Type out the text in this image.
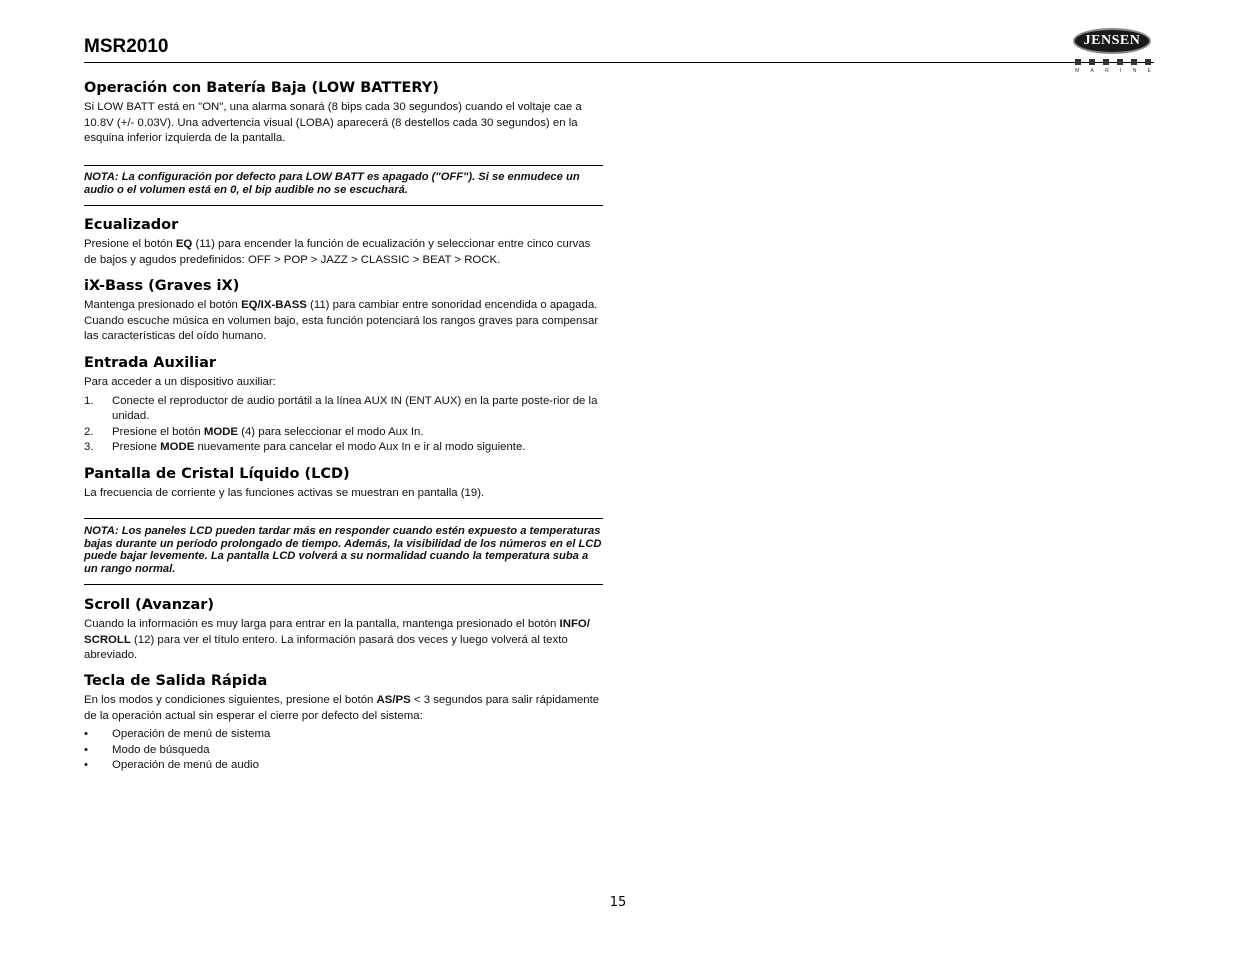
MSR2010	JENSEN
M A R I N E
Operación con Batería Baja (LOW BATTERY)

Si LOW BATT está en "ON", una alarma sonará (8 bips cada 30 segundos) cuando el voltaje cae a 10.8V (+/- 0.03V). Una advertencia visual (LOBA) aparecerá (8 destellos cada 30 segundos) en la esquina inferior izquierda de la pantalla.

NOTA: La configuración por defecto para LOW BATT es apagado ("OFF"). Si se enmudece un audio o el volumen está en 0, el bip audible no se escuchará.
Ecualizador

Presione el botón EQ (11) para encender la función de ecualización y seleccionar entre cinco curvas de bajos y agudos predefinidos: OFF > POP > JAZZ > CLASSIC > BEAT > ROCK.

iX-Bass (Graves iX)

Mantenga presionado el botón EQ/IX-BASS (11) para cambiar entre sonoridad encendida o apagada. Cuando escuche música en volumen bajo, esta función potenciará los rangos graves para compensar las características del oído humano.

Entrada Auxiliar

Para acceder a un dispositivo auxiliar:

1. Conecte el reproductor de audio portátil a la línea AUX IN (ENT AUX) en la parte poste-rior de la unidad.
2. Presione el botón MODE (4) para seleccionar el modo Aux In.
3. Presione MODE nuevamente para cancelar el modo Aux In e ir al modo siguiente.
Pantalla de Cristal Líquido (LCD)

La frecuencia de corriente y las funciones activas se muestran en pantalla (19).

NOTA: Los paneles LCD pueden tardar más en responder cuando estén expuesto a temperaturas bajas durante un período prolongado de tiempo. Además, la visibilidad de los números en el LCD puede bajar levemente. La pantalla LCD volverá a su normalidad cuando la temperatura suba a un rango normal.
Scroll (Avanzar)

Cuando la información es muy larga para entrar en la pantalla, mantenga presionado el botón INFO/ SCROLL (12) para ver el título entero. La información pasará dos veces y luego volverá al texto abreviado.

Tecla de Salida Rápida

En los modos y condiciones siguientes, presione el botón AS/PS < 3 segundos para salir rápidamente de la operación actual sin esperar el cierre por defecto del sistema:

• Operación de menú de sistema
• Modo de búsqueda
• Operación de menú de audio
15
